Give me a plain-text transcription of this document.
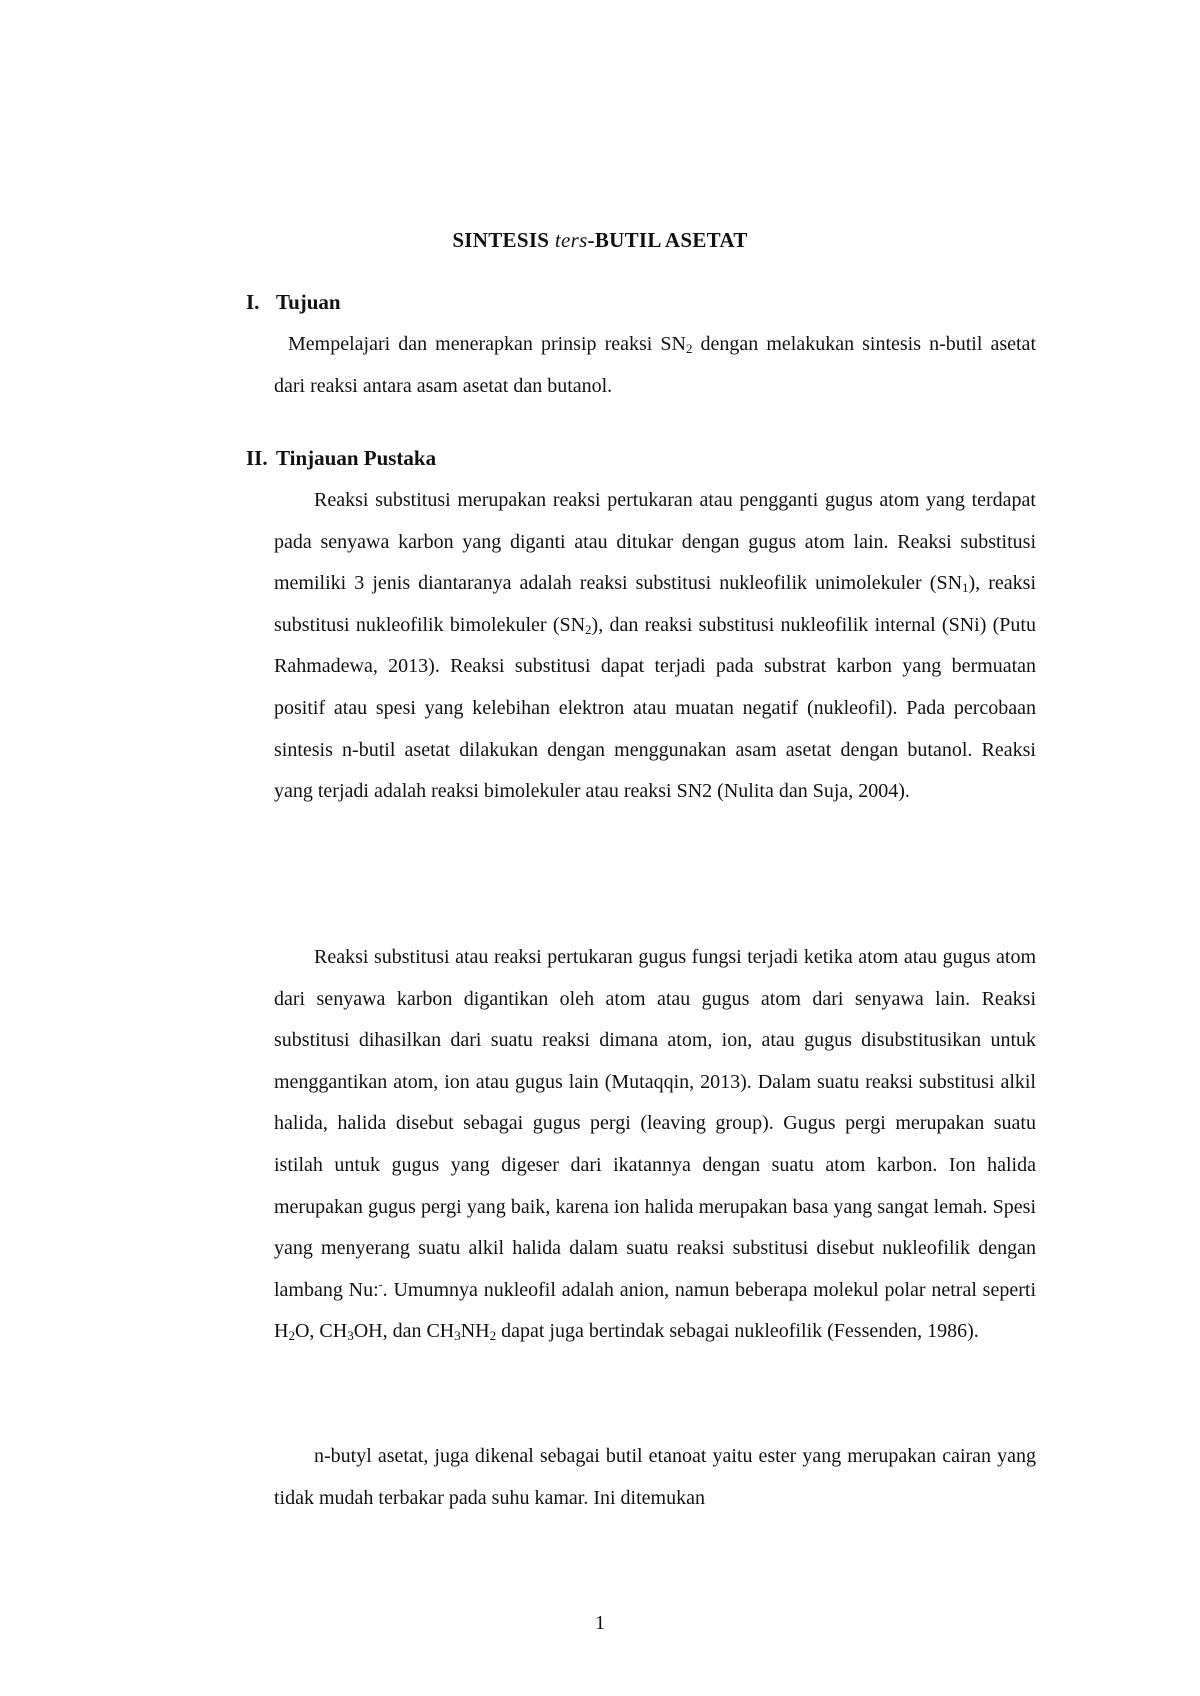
SINTESIS ters-BUTIL ASETAT
I. Tujuan

Mempelajari dan menerapkan prinsip reaksi $SN_2$ dengan melakukan sintesis n-butil asetat dari reaksi antara asam asetat dan butanol.

II. Tinjauan Pustaka

Reaksi substitusi merupakan reaksi pertukaran atau pengganti gugus atom yang terdapat pada senyawa karbon yang diganti atau ditukar dengan gugus atom lain. Reaksi substitusi memiliki 3 jenis diantaranya adalah reaksi substitusi nukleofilik unimolekuler $(SN_1)$, reaksi substitusi nukleofilik bimolekuler $(SN_2)$, dan reaksi substitusi nukleofilik internal (SNi) (Putu Rahmadewa, 2013). Reaksi substitusi dapat terjadi pada substrat karbon yang bermuatan positif atau spesi yang kelebihan elektron atau muatan negatif (nukleofil). Pada percobaan sintesis n-butil asetat dilakukan dengan menggunakan asam asetat dengan butanol. Reaksi yang terjadi adalah reaksi bimolekuler atau reaksi SN2 (Nulita dan Suja, 2004).

Reaksi substitusi atau reaksi pertukaran gugus fungsi terjadi ketika atom atau gugus atom dari senyawa karbon digantikan oleh atom atau gugus atom dari senyawa lain. Reaksi substitusi dihasilkan dari suatu reaksi dimana atom, ion, atau gugus disubstitusikan untuk menggantikan atom, ion atau gugus lain (Mutaqqin, 2013). Dalam suatu reaksi substitusi alkil halida, halida disebut sebagai gugus pergi (leaving group). Gugus pergi merupakan suatu istilah untuk gugus yang digeser dari ikatannya dengan suatu atom karbon. Ion halida merupakan gugus pergi yang baik, karena ion halida merupakan basa yang sangat lemah. Spesi yang menyerang suatu alkil halida dalam suatu reaksi substitusi disebut nukleofilik dengan lambang Nu:-. Umumnya nukleofil adalah anion, namun beberapa molekul polar netral seperti $H_2O$, $CH_3OH$, dan $CH_3NH_2$ dapat juga bertindak sebagai nukleofilik (Fessenden, 1986).

n-butyl asetat, juga dikenal sebagai butil etanoat yaitu ester yang merupakan cairan yang tidak mudah terbakar pada suhu kamar. Ini ditemukan

1
